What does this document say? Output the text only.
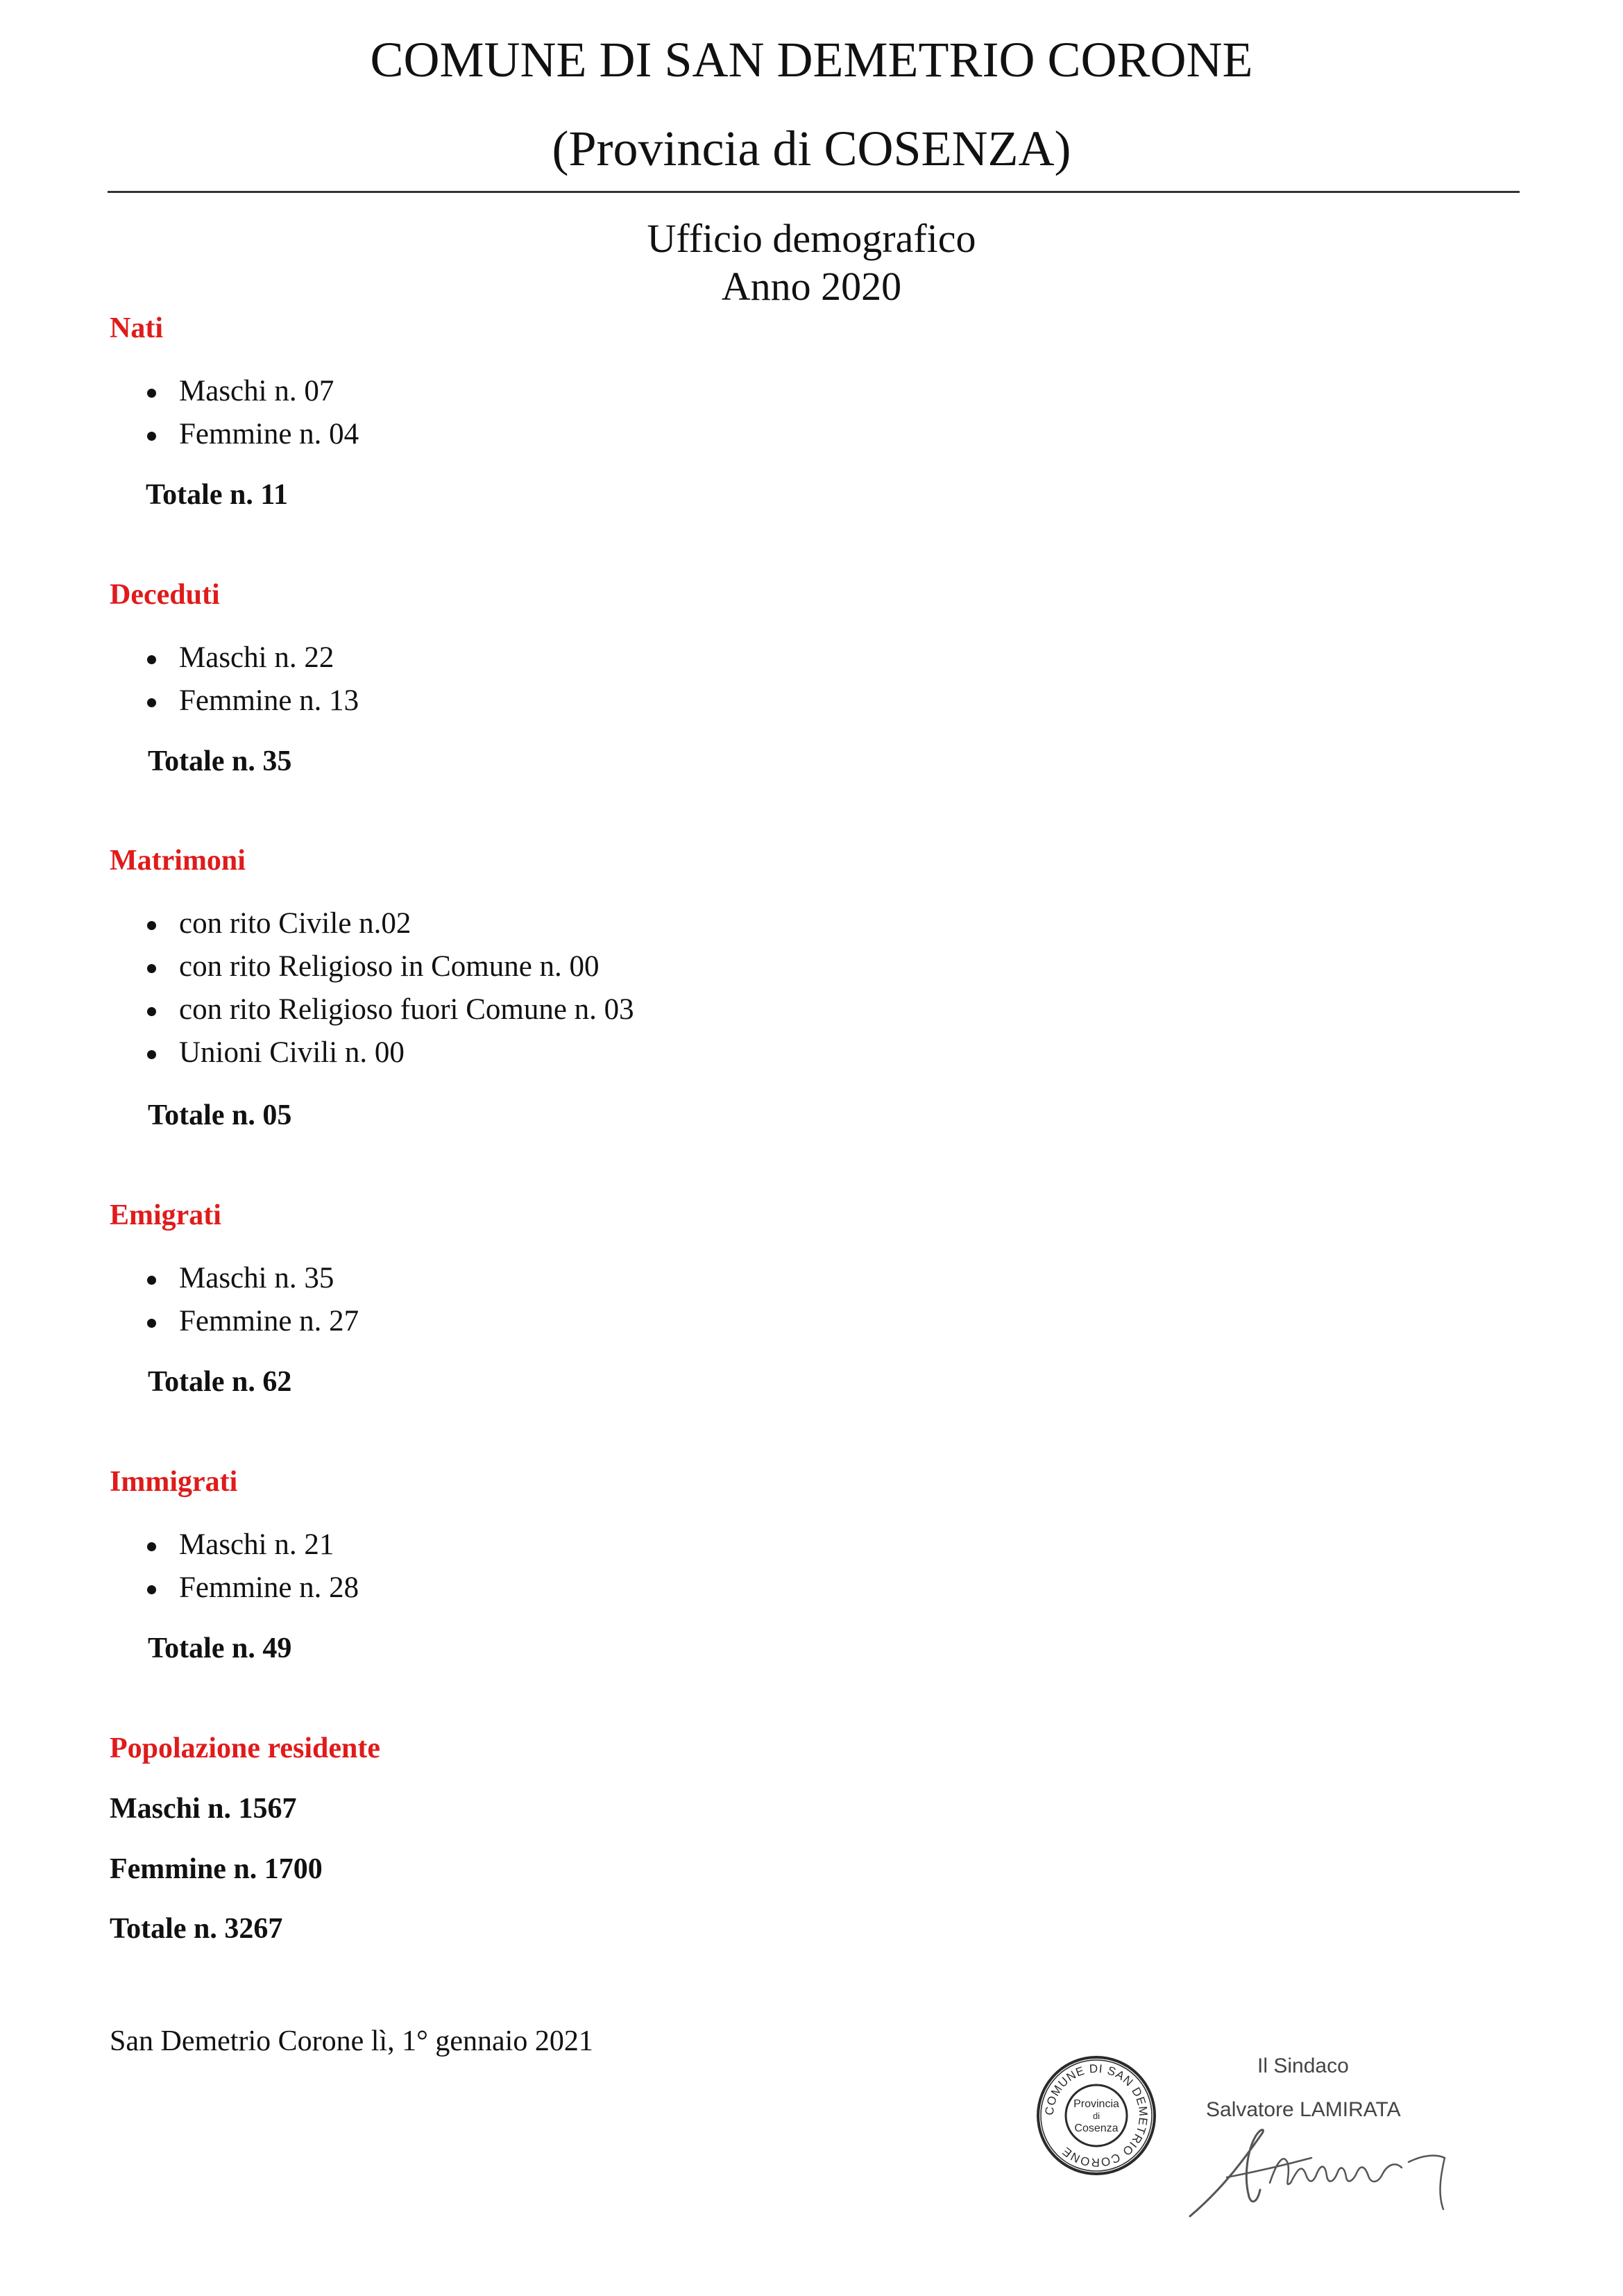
COMUNE DI SAN DEMETRIO CORONE
(Provincia di COSENZA)
Ufficio demografico
Anno 2020
Nati
Maschi n. 07
Femmine n. 04
Totale n. 11
Deceduti
Maschi n. 22
Femmine n. 13
Totale n. 35
Matrimoni
con rito Civile n.02
con rito Religioso in Comune n. 00
con rito Religioso fuori Comune n. 03
Unioni Civili n. 00
Totale n. 05
Emigrati
Maschi n. 35
Femmine n. 27
Totale n. 62
Immigrati
Maschi n. 21
Femmine n. 28
Totale n. 49
Popolazione residente
Maschi n. 1567
Femmine n. 1700
Totale n. 3267
San Demetrio Corone lì, 1° gennaio 2021
COMUNE DI SAN DEMETRIO CORONE
Provincia
di
Cosenza
Il Sindaco
Salvatore LAMIRATA
